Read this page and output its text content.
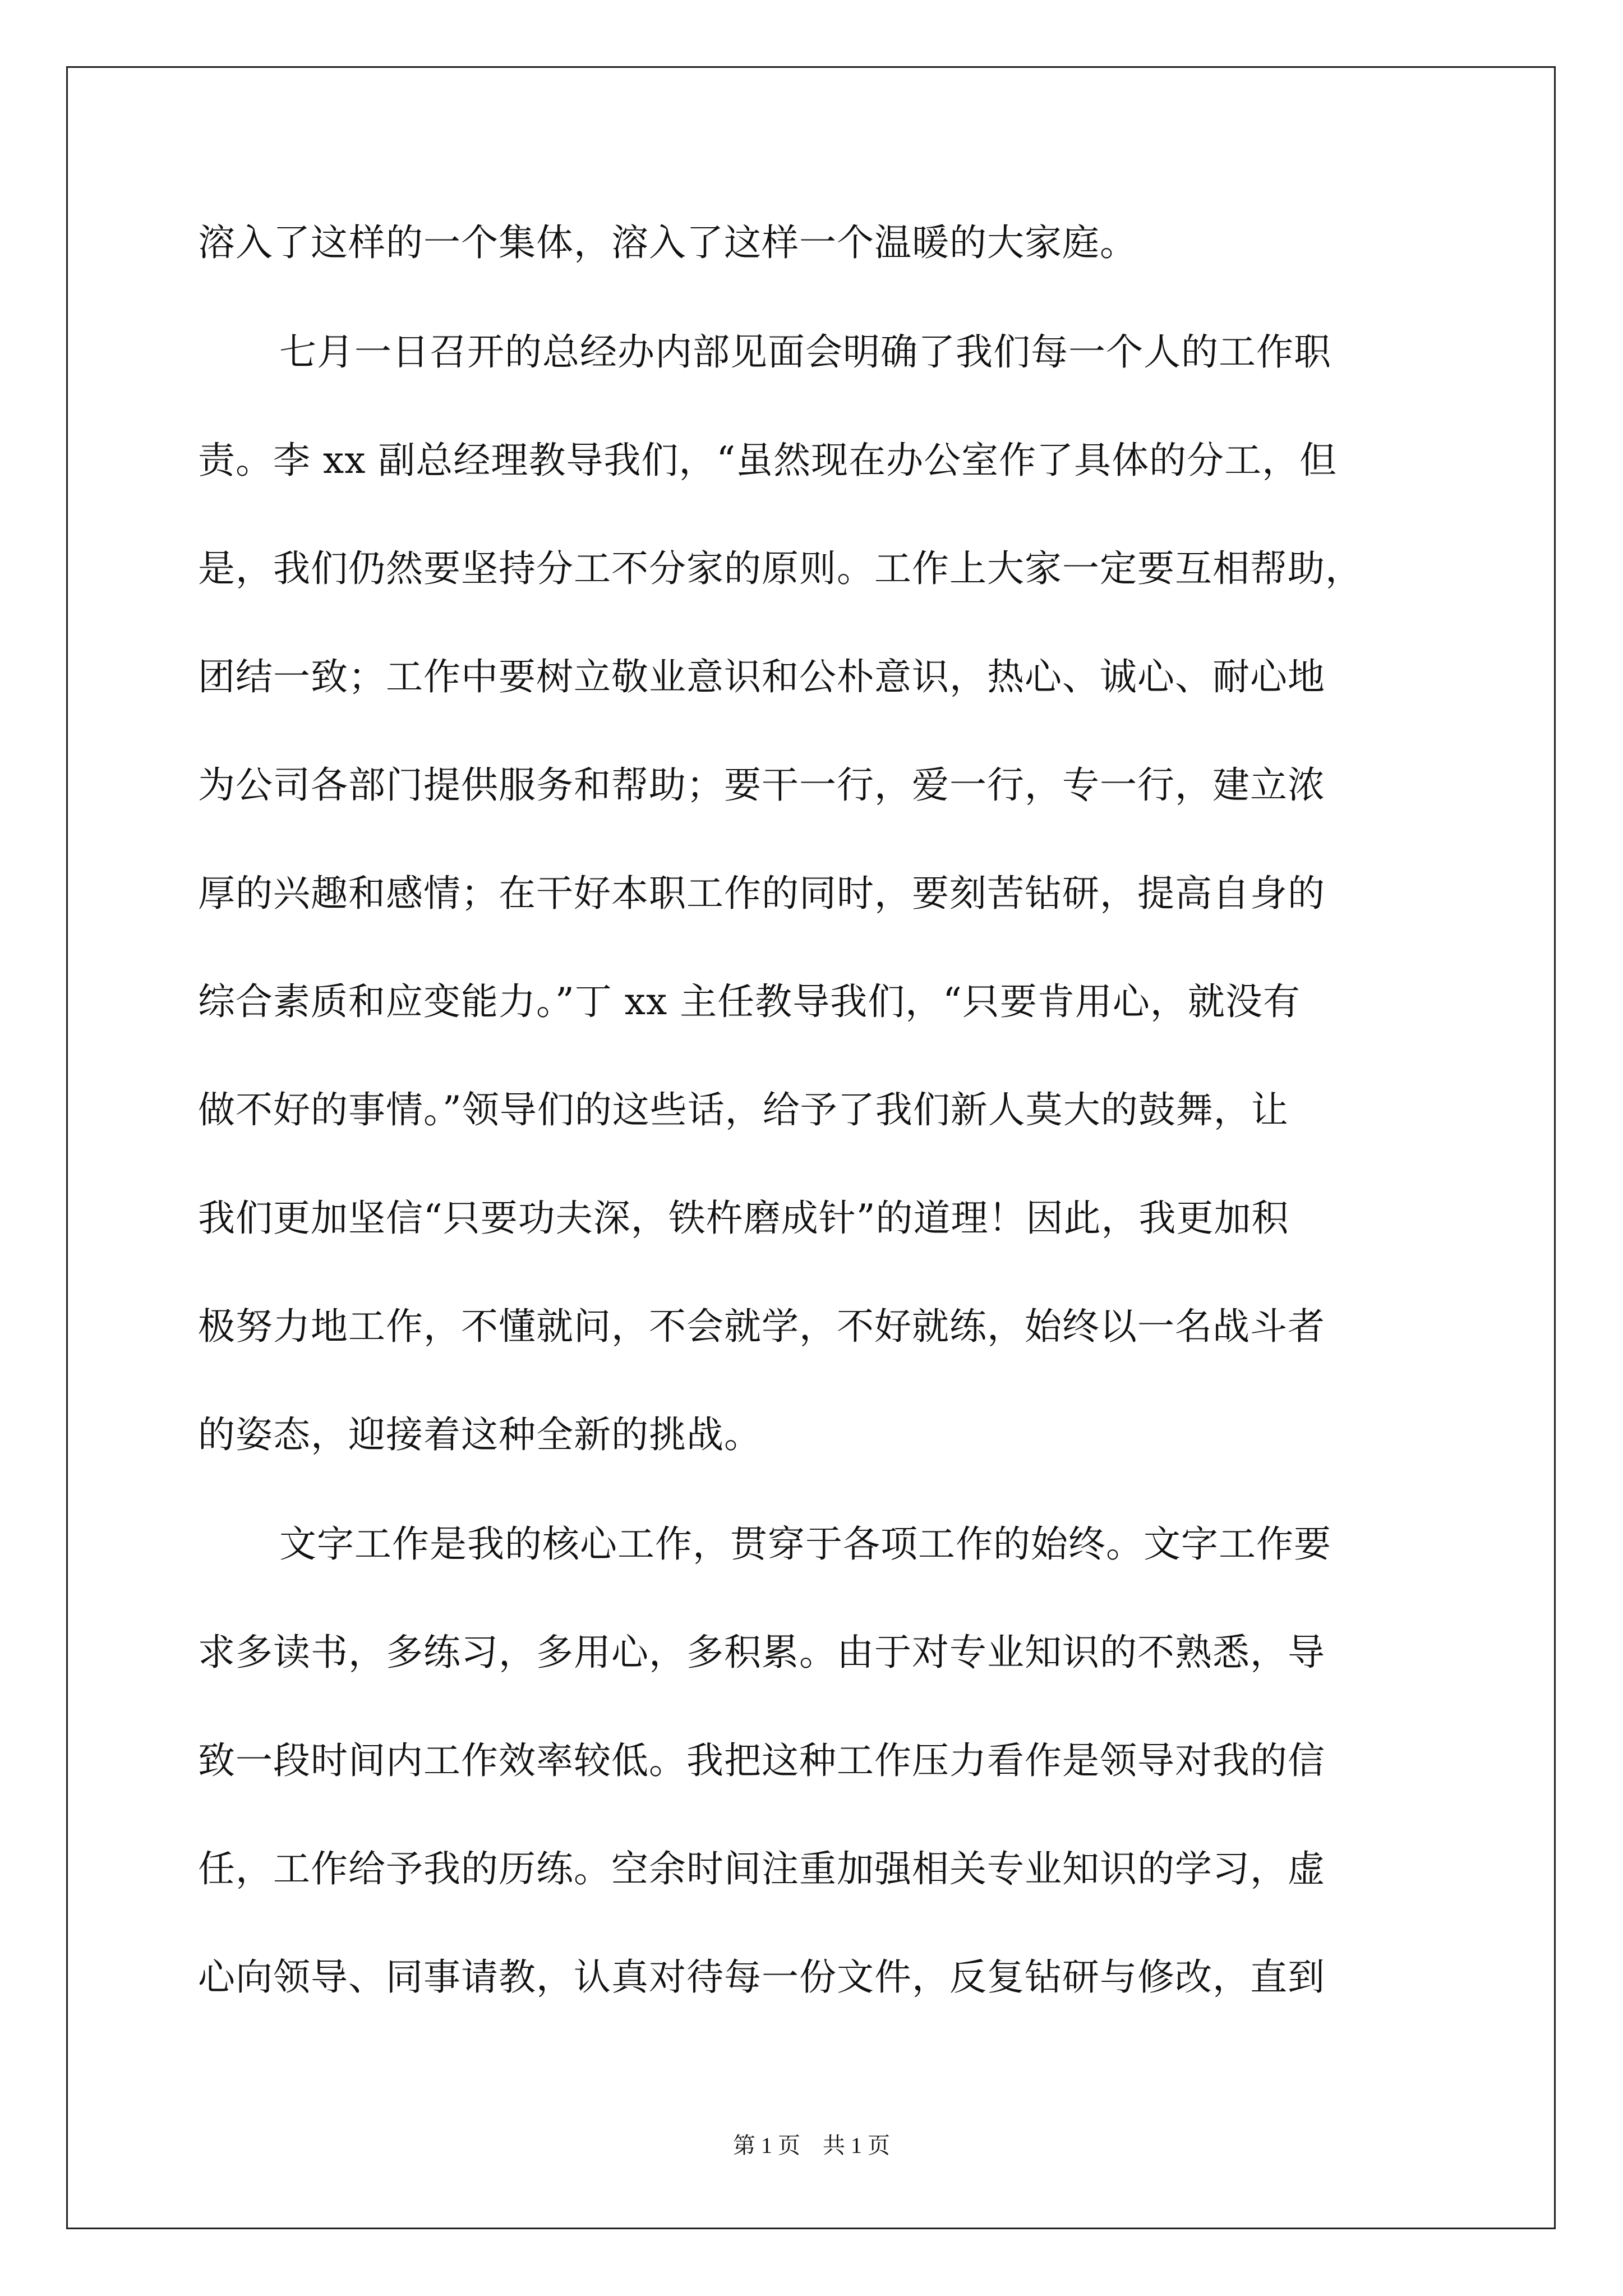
溶入了这样的一个集体，溶入了这样一个温暖的大家庭。
七月一日召开的总经办内部见面会明确了我们每一个人的工作职
责。李 xx 副总经理教导我们，“虽然现在办公室作了具体的分工，但
是，我们仍然要坚持分工不分家的原则。工作上大家一定要互相帮助，
团结一致；工作中要树立敬业意识和公朴意识，热心、诚心、耐心地
为公司各部门提供服务和帮助；要干一行，爱一行，专一行，建立浓
厚的兴趣和感情；在干好本职工作的同时，要刻苦钻研，提高自身的
综合素质和应变能力。”丁 xx 主任教导我们，“只要肯用心，就没有
做不好的事情。”领导们的这些话，给予了我们新人莫大的鼓舞，让
我们更加坚信“只要功夫深，铁杵磨成针”的道理！因此，我更加积
极努力地工作，不懂就问，不会就学，不好就练，始终以一名战斗者
的姿态，迎接着这种全新的挑战。
文字工作是我的核心工作，贯穿于各项工作的始终。文字工作要
求多读书，多练习，多用心，多积累。由于对专业知识的不熟悉，导
致一段时间内工作效率较低。我把这种工作压力看作是领导对我的信
任，工作给予我的历练。空余时间注重加强相关专业知识的学习，虚
心向领导、同事请教，认真对待每一份文件，反复钻研与修改，直到
第 1 页　共 1 页
